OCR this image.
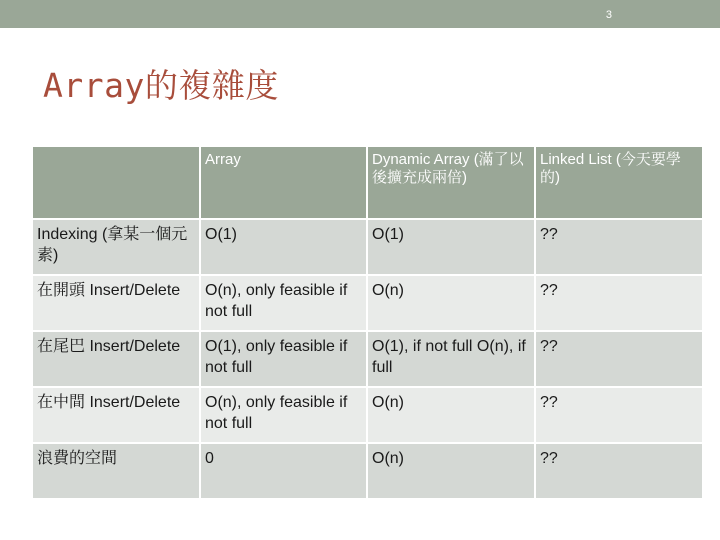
3
Array的複雜度
	Array	Dynamic Array (滿了以後擴充成兩倍)	Linked List (今天要學的)
Indexing (拿某一個元素)	O(1)	O(1)	??
在開頭 Insert/Delete	O(n), only feasible if not full	O(n)	??
在尾巴 Insert/Delete	O(1), only feasible if not full	O(1), if not full O(n), if full	??
在中間 Insert/Delete	O(n), only feasible if not full	O(n)	??
浪費的空間	0	O(n)	??
